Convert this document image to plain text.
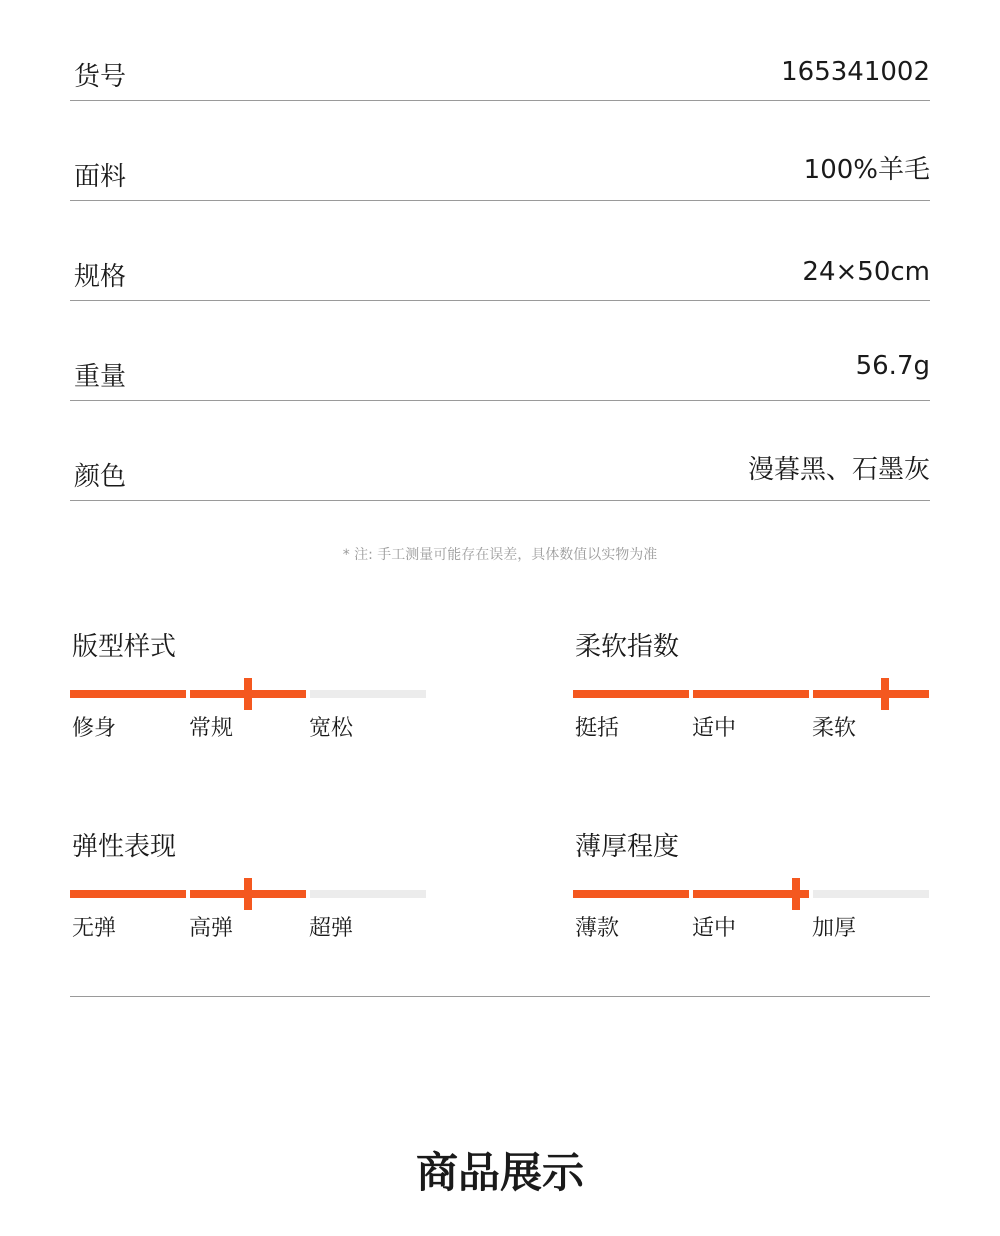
货号	165341002
面料	100%羊毛
规格	24×50cm
重量	56.7g
颜色	漫暮黑、石墨灰
* 注: 手工测量可能存在误差，具体数值以实物为准
版型样式
修身	常规	宽松
柔软指数
挺括	适中	柔软
弹性表现
无弹	高弹	超弹
薄厚程度
薄款	适中	加厚
商品展示
